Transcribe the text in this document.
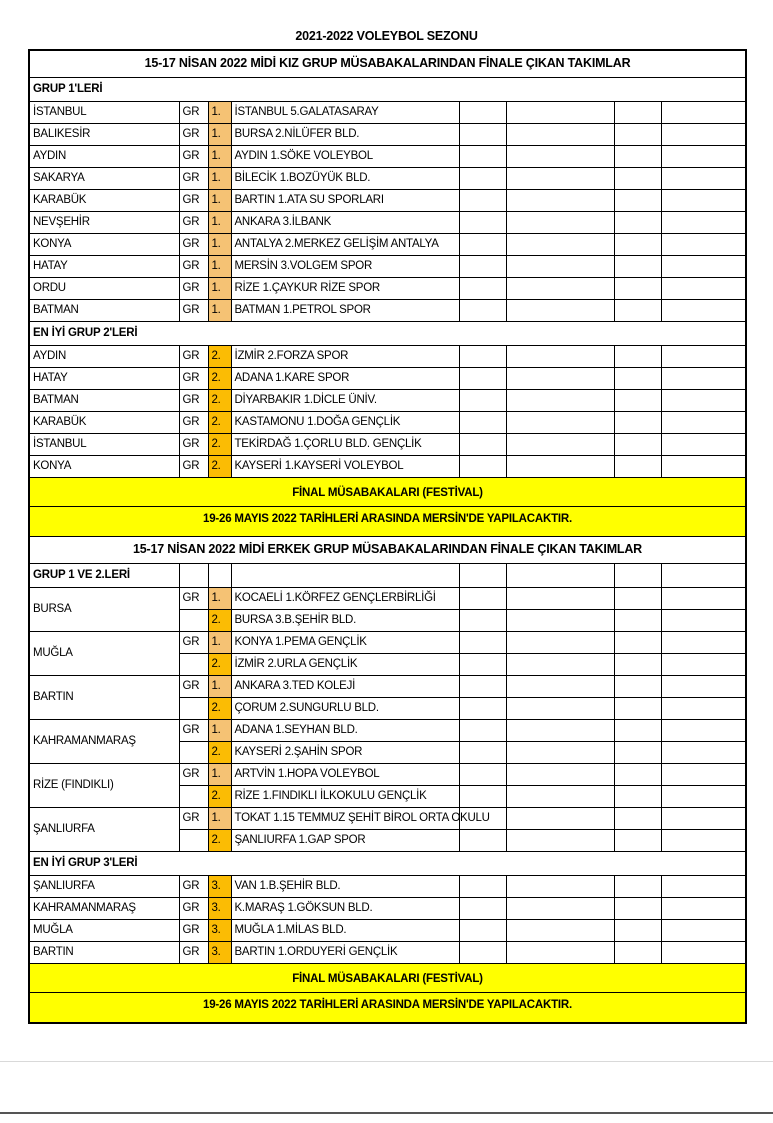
2021-2022 VOLEYBOL SEZONU
15-17 NİSAN 2022 MİDİ KIZ GRUP MÜSABAKALARINDAN FİNALE ÇIKAN TAKIMLAR							
GRUP 1'LERİ							
İSTANBUL	GR	1.	İSTANBUL 5.GALATASARAY				
BALIKESİR	GR	1.	BURSA 2.NİLÜFER BLD.				
AYDIN	GR	1.	AYDIN 1.SÖKE VOLEYBOL				
SAKARYA	GR	1.	BİLECİK 1.BOZÜYÜK BLD.				
KARABÜK	GR	1.	BARTIN 1.ATA SU SPORLARI				
NEVŞEHİR	GR	1.	ANKARA 3.İLBANK				
KONYA	GR	1.	ANTALYA 2.MERKEZ GELİŞİM ANTALYA				
HATAY	GR	1.	MERSİN 3.VOLGEM SPOR				
ORDU	GR	1.	RİZE 1.ÇAYKUR RİZE SPOR				
BATMAN	GR	1.	BATMAN 1.PETROL SPOR				
EN İYİ GRUP 2'LERİ							
AYDIN	GR	2.	İZMİR 2.FORZA SPOR				
HATAY	GR	2.	ADANA 1.KARE SPOR				
BATMAN	GR	2.	DİYARBAKIR 1.DİCLE ÜNİV.				
KARABÜK	GR	2.	KASTAMONU 1.DOĞA GENÇLİK				
İSTANBUL	GR	2.	TEKİRDAĞ 1.ÇORLU BLD. GENÇLİK				
KONYA	GR	2.	KAYSERİ 1.KAYSERİ VOLEYBOL				
FİNAL MÜSABAKALARI (FESTİVAL)							
19-26 MAYIS 2022 TARİHLERİ ARASINDA MERSİN'DE YAPILACAKTIR.							
15-17 NİSAN 2022 MİDİ ERKEK GRUP MÜSABAKALARINDAN FİNALE ÇIKAN TAKIMLAR							
GRUP 1 VE 2.LERİ							
BURSA	GR	1.	KOCAELİ 1.KÖRFEZ GENÇLERBİRLİĞİ				
		2.	BURSA 3.B.ŞEHİR BLD.				
MUĞLA	GR	1.	KONYA 1.PEMA GENÇLİK				
		2.	İZMİR 2.URLA GENÇLİK				
BARTIN	GR	1.	ANKARA 3.TED KOLEJİ				
		2.	ÇORUM 2.SUNGURLU BLD.				
KAHRAMANMARAŞ	GR	1.	ADANA 1.SEYHAN BLD.				
		2.	KAYSERİ 2.ŞAHİN SPOR				
RİZE (FINDIKLI)	GR	1.	ARTVİN 1.HOPA VOLEYBOL				
		2.	RİZE 1.FINDIKLI İLKOKULU GENÇLİK				
ŞANLIURFA	GR	1.	TOKAT 1.15 TEMMUZ ŞEHİT BİROL ORTA OKULU				
		2.	ŞANLIURFA 1.GAP SPOR				
EN İYİ GRUP 3'LERİ							
ŞANLIURFA	GR	3.	VAN 1.B.ŞEHİR BLD.				
KAHRAMANMARAŞ	GR	3.	K.MARAŞ 1.GÖKSUN BLD.				
MUĞLA	GR	3.	MUĞLA 1.MİLAS BLD.				
BARTIN	GR	3.	BARTIN 1.ORDUYERİ GENÇLİK				
FİNAL MÜSABAKALARI (FESTİVAL)							
19-26 MAYIS 2022 TARİHLERİ ARASINDA MERSİN'DE YAPILACAKTIR.							
